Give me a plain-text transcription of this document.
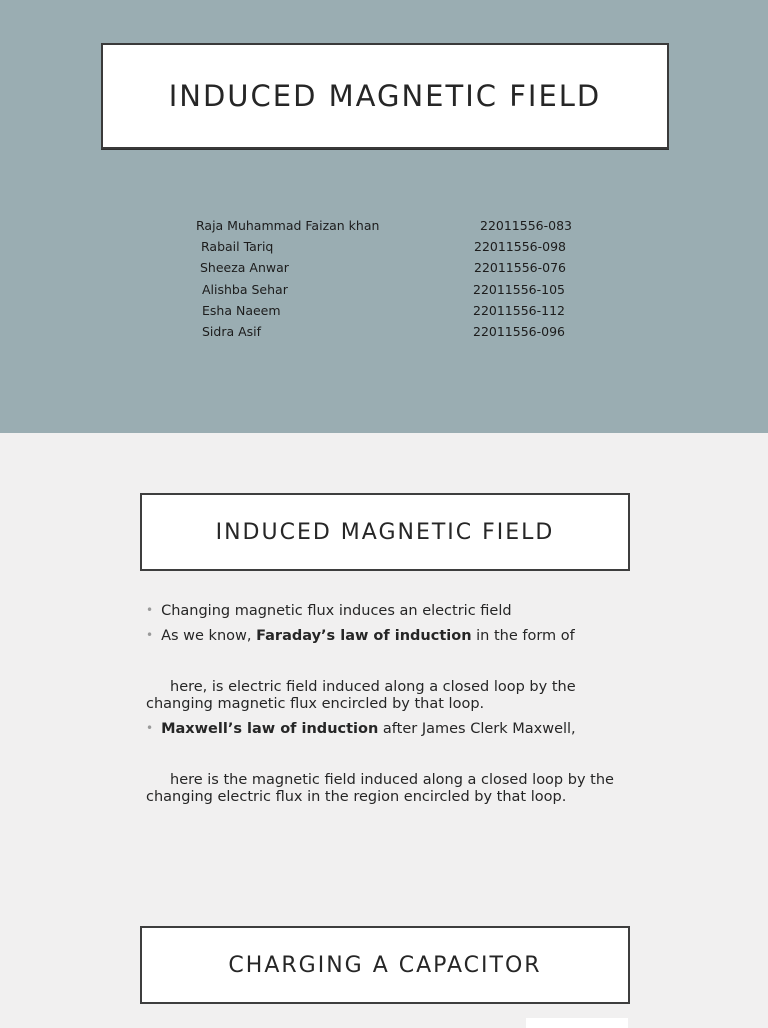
INDUCED MAGNETIC FIELD
Raja Muhammad Faizan khan	22011556-083
Rabail Tariq	22011556-098
Sheeza Anwar	22011556-076
Alishba Sehar	22011556-105
Esha Naeem	22011556-112
Sidra Asif	22011556-096
INDUCED MAGNETIC FIELD
• Changing magnetic flux induces an electric field
• As we know, Faraday’s law of induction in the form of
here, is electric field induced along a closed loop by the
changing magnetic flux encircled by that loop.
• Maxwell’s law of induction after James Clerk Maxwell,
here is the magnetic field induced along a closed loop by the
changing electric flux in the region encircled by that loop.
CHARGING A CAPACITOR
